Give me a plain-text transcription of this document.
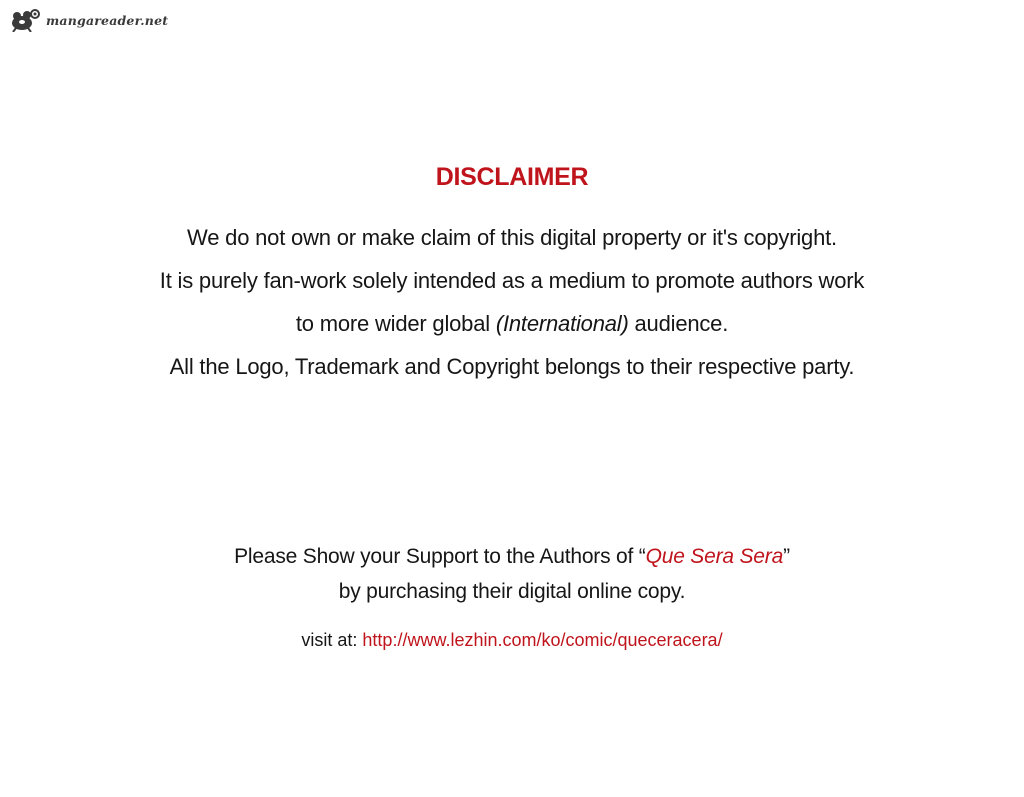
mangareader.net
DISCLAIMER
We do not own or make claim of this digital property or it's copyright.
It is purely fan-work solely intended as a medium to promote authors work
to more wider global (International) audience.
All the Logo, Trademark and Copyright belongs to their respective party.
Please Show your Support to the Authors of “Que Sera Sera”
by purchasing their digital online copy.
visit at: http://www.lezhin.com/ko/comic/queceracera/
